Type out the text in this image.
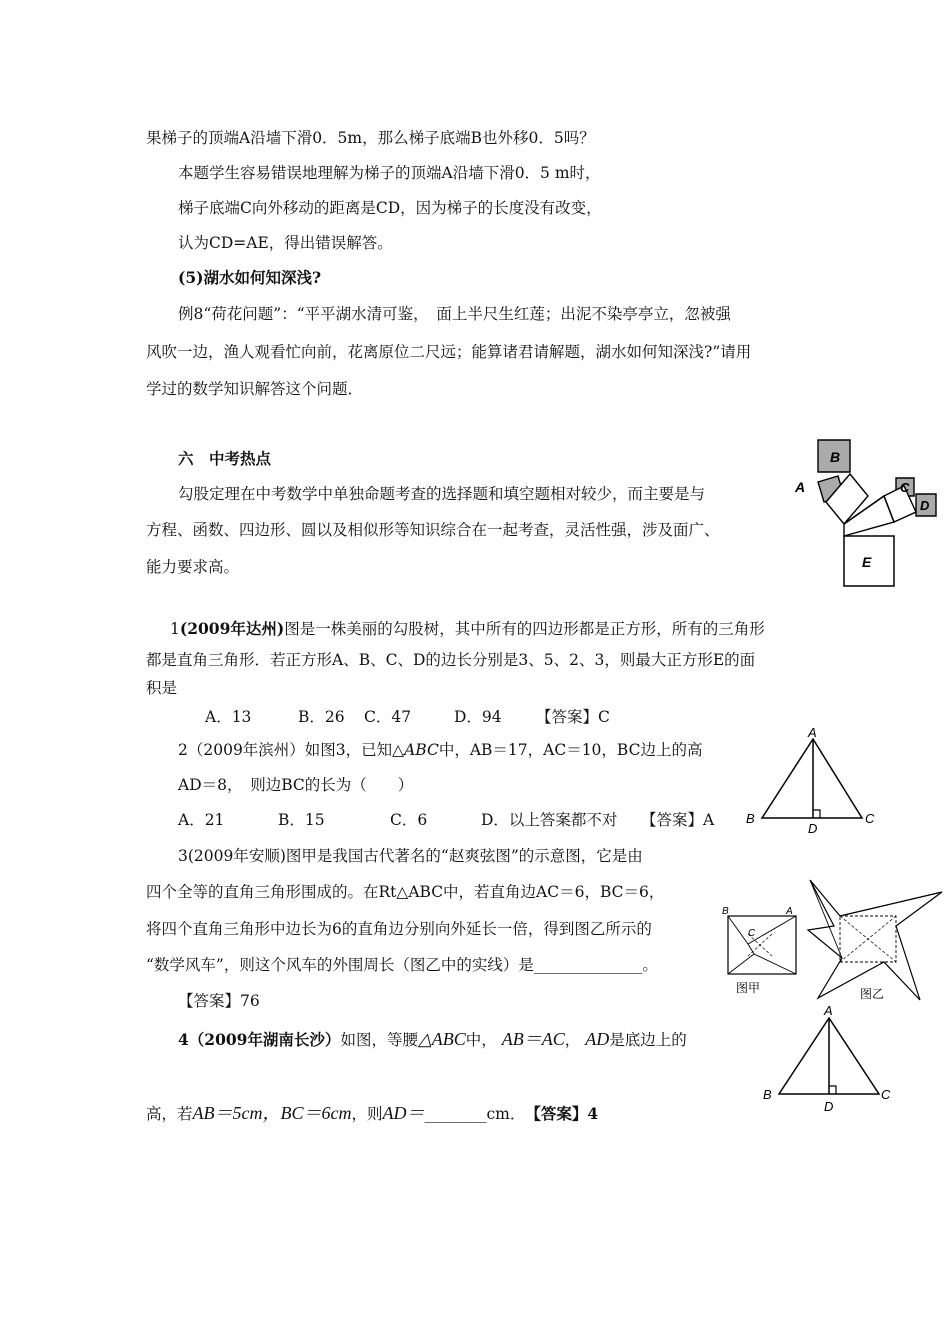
果梯子的顶端A沿墙下滑0．5m，那么梯子底端B也外移0．5吗？
本题学生容易错误地理解为梯子的顶端A沿墙下滑0．5 m时，
梯子底端C向外移动的距离是CD，因为梯子的长度没有改变，
认为CD=AE，得出错误解答。
(5)湖水如何知深浅?
例8“荷花问题”：“平平湖水清可鉴，　面上半尺生红莲；出泥不染亭亭立，忽被强
风吹一边，渔人观看忙向前，花离原位二尺远；能算诸君请解题，湖水如何知深浅?”请用
学过的数学知识解答这个问题．
六　中考热点
勾股定理在中考数学中单独命题考查的选择题和填空题相对较少，而主要是与
方程、函数、四边形、圆以及相似形等知识综合在一起考查，灵活性强，涉及面广、
能力要求高。
A
B
C
D
E
1(2009年达州)图是一株美丽的勾股树，其中所有的四边形都是正方形，所有的三角形
都是直角三角形．若正方形A、B、C、D的边长分别是3、5、2、3，则最大正方形E的面
积是
A．13	B．26 C．47	D．94 【答案】C
2（2009年滨州）如图3，已知△ABC中，AB＝17，AC＝10，BC边上的高
AD＝8，　则边BC的长为（　　）
A．21	B．15	C．6	D．以上答案都不对 【答案】A
A
B	C
D
3(2009年安顺)图甲是我国古代著名的“赵爽弦图”的示意图，它是由
四个全等的直角三角形围成的。在Rt△ABC中，若直角边AC＝6，BC＝6，
将四个直角三角形中边长为6的直角边分别向外延长一倍，得到图乙所示的
“数学风车”，则这个风车的外围周长（图乙中的实线）是______________。
【答案】76
B	A
C
图甲	图乙
4（2009年湖南长沙）如图，等腰△ABC中， AB＝AC， AD是底边上的
高，若AB＝5cm，BC＝6cm，则AD＝________cm．　 【答案】4
A
B	C
D
